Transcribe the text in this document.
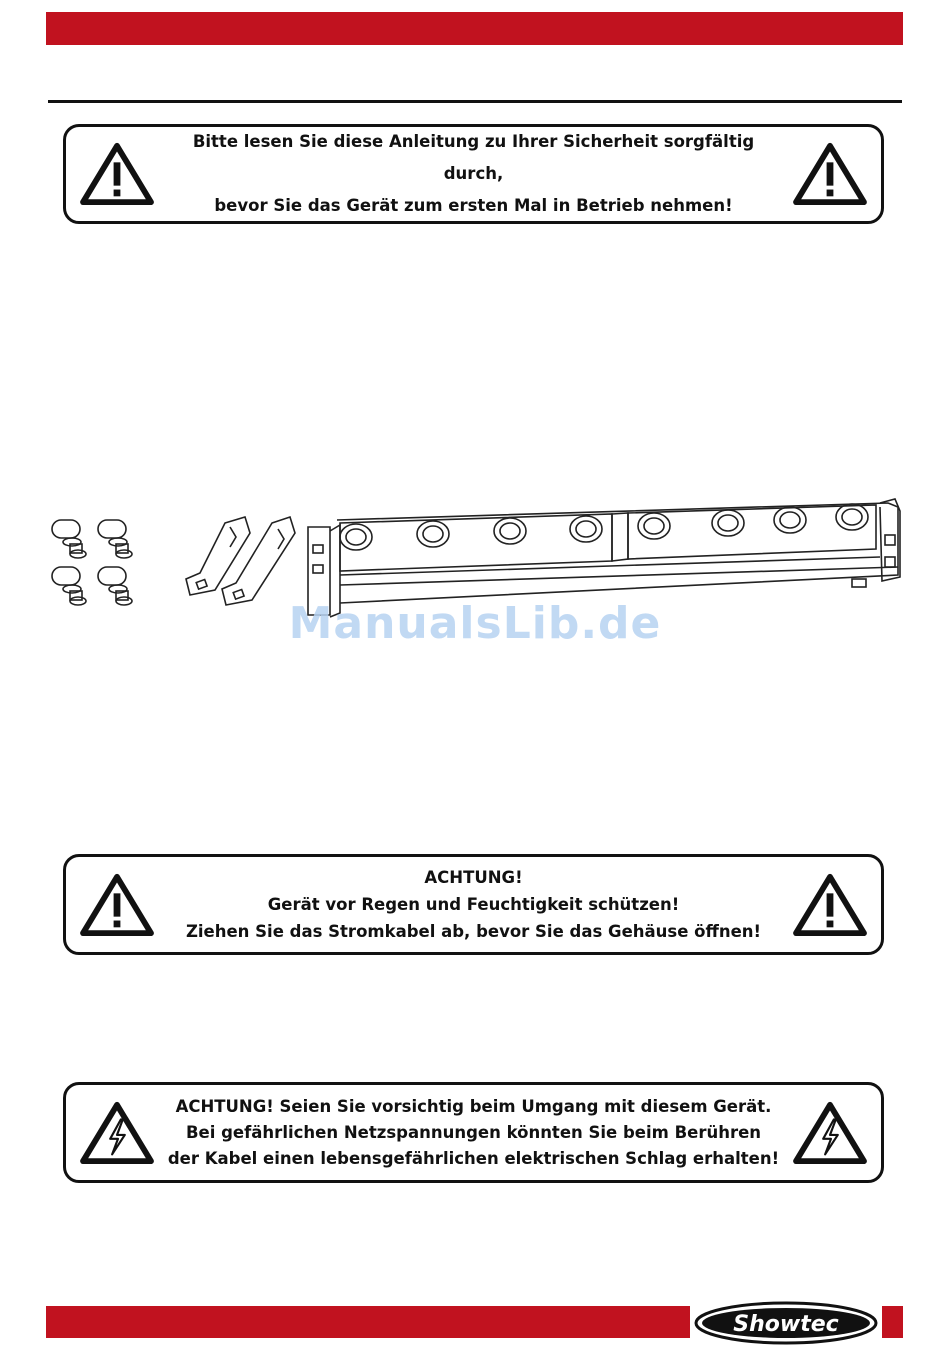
Bitte lesen Sie diese Anleitung zu Ihrer Sicherheit sorgfältig durch,
bevor Sie das Gerät zum ersten Mal in Betrieb nehmen!
ManualsLib.de
ACHTUNG!
Gerät vor Regen und Feuchtigkeit schützen!
Ziehen Sie das Stromkabel ab, bevor Sie das Gehäuse öffnen!
ACHTUNG! Seien Sie vorsichtig beim Umgang mit diesem Gerät.
Bei gefährlichen Netzspannungen könnten Sie beim Berühren
der Kabel einen lebensgefährlichen elektrischen Schlag erhalten!
Showtec
